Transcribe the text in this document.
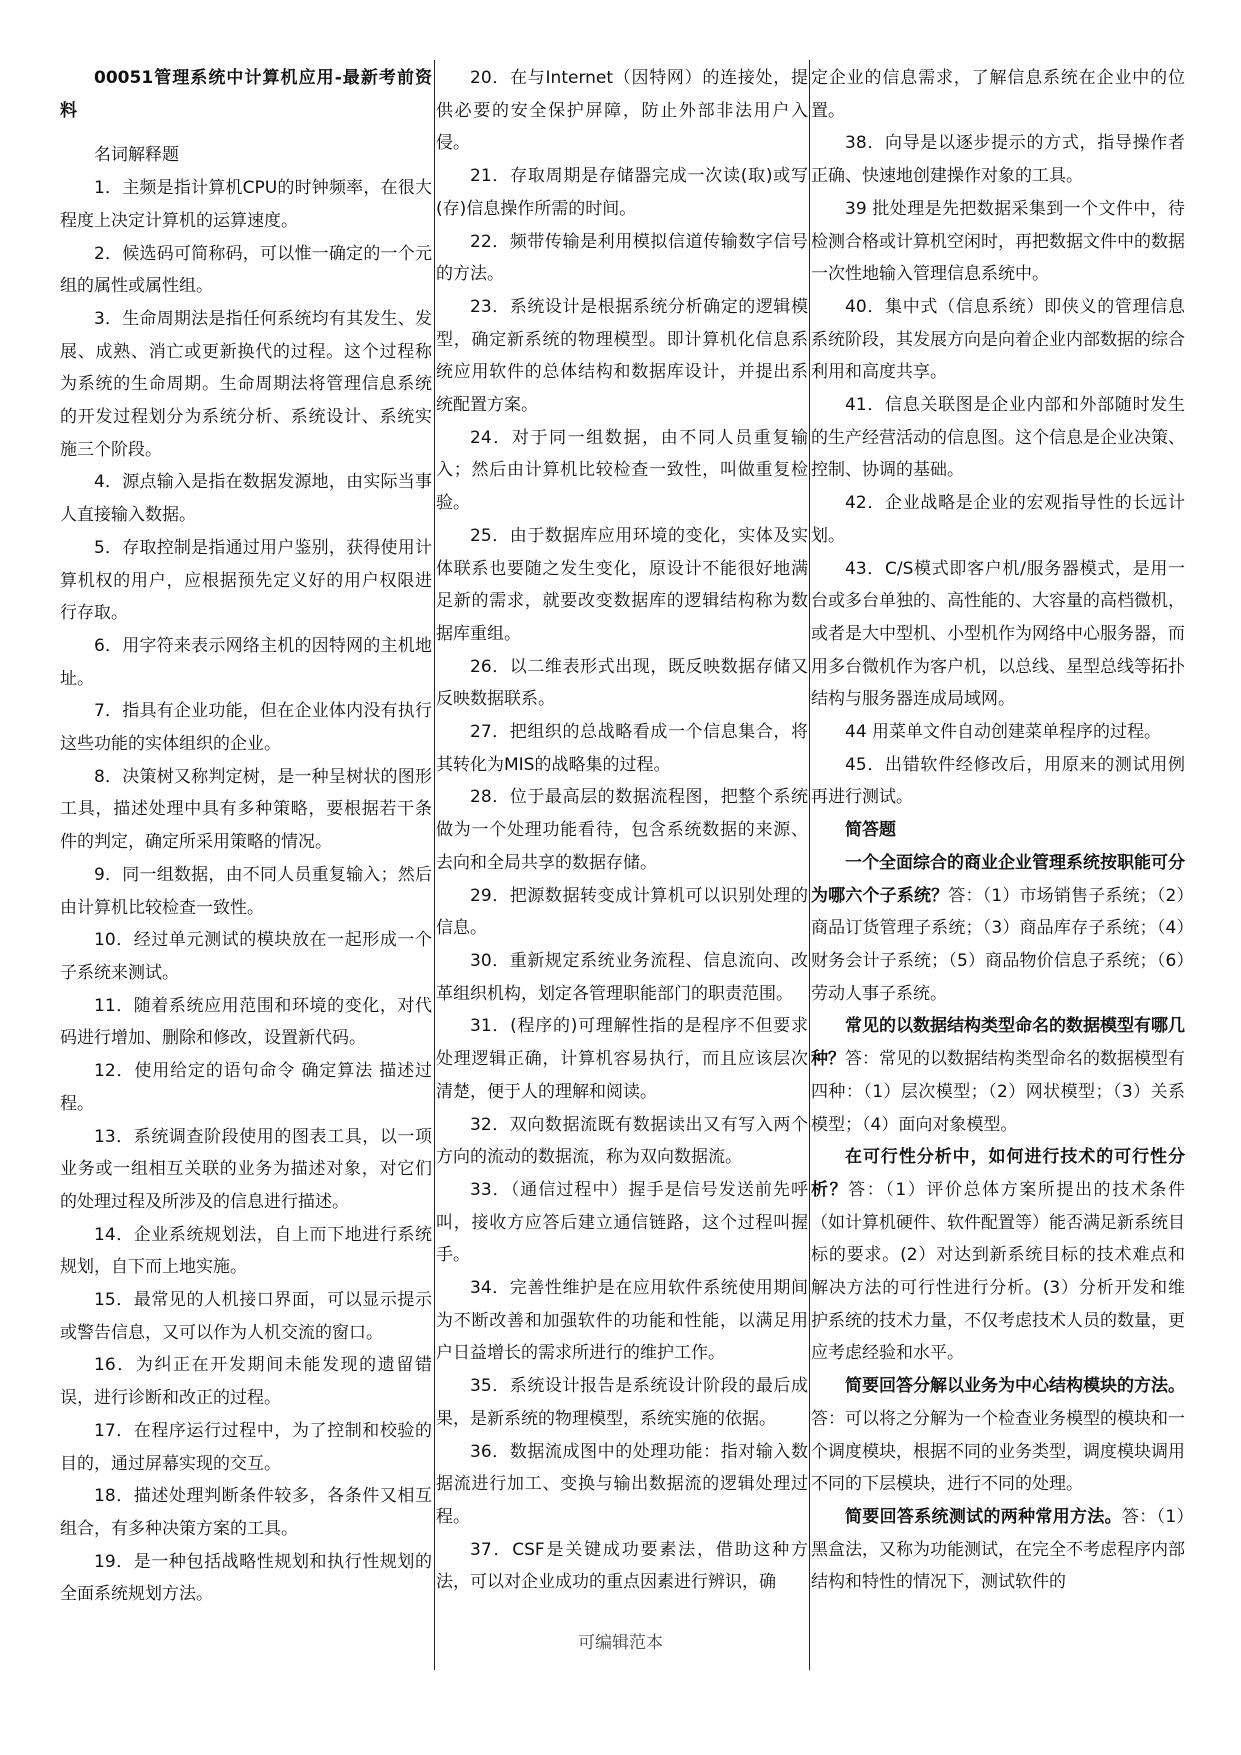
00051管理系统中计算机应用-最新考前资料

名词解释题

1．主频是指计算机CPU的时钟频率，在很大程度上决定计算机的运算速度。

2．候选码可简称码，可以惟一确定的一个元组的属性或属性组。

3．生命周期法是指任何系统均有其发生、发展、成熟、消亡或更新换代的过程。这个过程称为系统的生命周期。生命周期法将管理信息系统的开发过程划分为系统分析、系统设计、系统实施三个阶段。

4．源点输入是指在数据发源地，由实际当事人直接输入数据。

5．存取控制是指通过用户鉴别，获得使用计算机权的用户，应根据预先定义好的用户权限进行存取。

6．用字符来表示网络主机的因特网的主机地址。

7．指具有企业功能，但在企业体内没有执行这些功能的实体组织的企业。

8．决策树又称判定树，是一种呈树状的图形工具，描述处理中具有多种策略，要根据若干条件的判定，确定所采用策略的情况。

9．同一组数据，由不同人员重复输入；然后由计算机比较检查一致性。

10．经过单元测试的模块放在一起形成一个子系统来测试。

11．随着系统应用范围和环境的变化，对代码进行增加、删除和修改，设置新代码。

12．使用给定的语句命令 确定算法 描述过程。

13．系统调查阶段使用的图表工具，以一项业务或一组相互关联的业务为描述对象，对它们的处理过程及所涉及的信息进行描述。

14．企业系统规划法，自上而下地进行系统规划，自下而上地实施。

15．最常见的人机接口界面，可以显示提示或警告信息，又可以作为人机交流的窗口。

16．为纠正在开发期间未能发现的遗留错误，进行诊断和改正的过程。

17．在程序运行过程中，为了控制和校验的目的，通过屏幕实现的交互。

18．描述处理判断条件较多，各条件又相互组合，有多种决策方案的工具。

19．是一种包括战略性规划和执行性规划的全面系统规划方法。

20．在与Internet（因特网）的连接处，提供必要的安全保护屏障，防止外部非法用户入侵。

21．存取周期是存储器完成一次读(取)或写(存)信息操作所需的时间。

22．频带传输是利用模拟信道传输数字信号的方法。

23．系统设计是根据系统分析确定的逻辑模型，确定新系统的物理模型。即计算机化信息系统应用软件的总体结构和数据库设计，并提出系统配置方案。

24．对于同一组数据，由不同人员重复输入；然后由计算机比较检查一致性，叫做重复检验。

25．由于数据库应用环境的变化，实体及实体联系也要随之发生变化，原设计不能很好地满足新的需求，就要改变数据库的逻辑结构称为数据库重组。

26．以二维表形式出现，既反映数据存储又反映数据联系。

27．把组织的总战略看成一个信息集合，将其转化为MIS的战略集的过程。

28．位于最高层的数据流程图，把整个系统做为一个处理功能看待，包含系统数据的来源、去向和全局共享的数据存储。

29．把源数据转变成计算机可以识别处理的信息。

30．重新规定系统业务流程、信息流向、改革组织机构，划定各管理职能部门的职责范围。

31．(程序的)可理解性指的是程序不但要求处理逻辑正确，计算机容易执行，而且应该层次清楚，便于人的理解和阅读。

32．双向数据流既有数据读出又有写入两个方向的流动的数据流，称为双向数据流。

33．（通信过程中）握手是信号发送前先呼叫，接收方应答后建立通信链路，这个过程叫握手。

34．完善性维护是在应用软件系统使用期间为不断改善和加强软件的功能和性能，以满足用户日益增长的需求所进行的维护工作。

35．系统设计报告是系统设计阶段的最后成果，是新系统的物理模型，系统实施的依据。

36．数据流成图中的处理功能：指对输入数据流进行加工、变换与输出数据流的逻辑处理过程。

37．CSF是关键成功要素法，借助这种方法，可以对企业成功的重点因素进行辨识，确

定企业的信息需求，了解信息系统在企业中的位置。

38．向导是以逐步提示的方式，指导操作者正确、快速地创建操作对象的工具。

39 批处理是先把数据采集到一个文件中，待检测合格或计算机空闲时，再把数据文件中的数据一次性地输入管理信息系统中。

40．集中式（信息系统）即侠义的管理信息系统阶段，其发展方向是向着企业内部数据的综合利用和高度共享。

41．信息关联图是企业内部和外部随时发生的生产经营活动的信息图。这个信息是企业决策、控制、协调的基础。

42．企业战略是企业的宏观指导性的长远计划。

43．C/S模式即客户机/服务器模式，是用一台或多台单独的、高性能的、大容量的高档微机，或者是大中型机、小型机作为网络中心服务器，而用多台微机作为客户机，以总线、星型总线等拓扑结构与服务器连成局域网。

44 用菜单文件自动创建菜单程序的过程。

45．出错软件经修改后，用原来的测试用例再进行测试。

简答题

一个全面综合的商业企业管理系统按职能可分为哪六个子系统？答：（1）市场销售子系统；（2）商品订货管理子系统；（3）商品库存子系统；（4）财务会计子系统；（5）商品物价信息子系统；（6）劳动人事子系统。

常见的以数据结构类型命名的数据模型有哪几种？答：常见的以数据结构类型命名的数据模型有四种：（1）层次模型；（2）网状模型；（3）关系模型；（4）面向对象模型。

在可行性分析中，如何进行技术的可行性分析？答：（1）评价总体方案所提出的技术条件（如计算机硬件、软件配置等）能否满足新系统目标的要求。(2）对达到新系统目标的技术难点和解决方法的可行性进行分析。(3）分析开发和维护系统的技术力量，不仅考虑技术人员的数量，更应考虑经验和水平。

简要回答分解以业务为中心结构模块的方法。答：可以将之分解为一个检查业务模型的模块和一个调度模块，根据不同的业务类型，调度模块调用不同的下层模块，进行不同的处理。

简要回答系统测试的两种常用方法。答：（1）黑盒法，又称为功能测试，在完全不考虑程序内部结构和特性的情况下，测试软件的

可编辑范本
